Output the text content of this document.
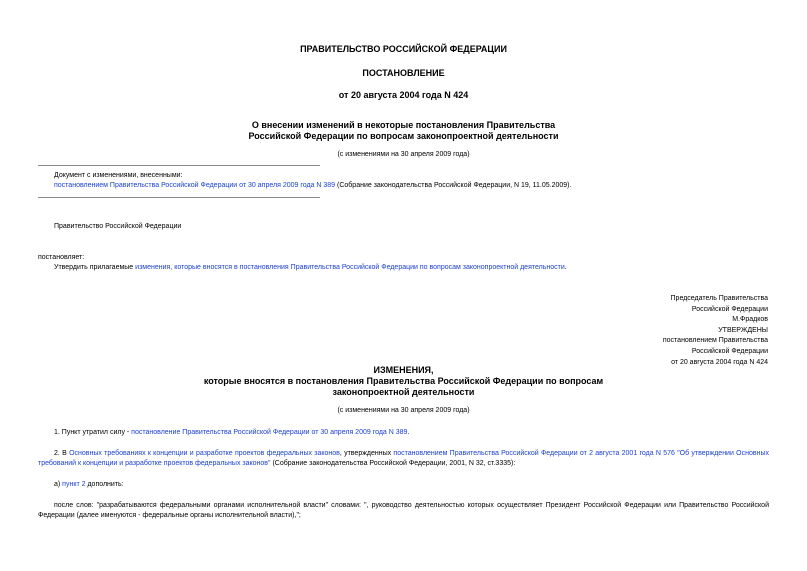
ПРАВИТЕЛЬСТВО РОССИЙСКОЙ ФЕДЕРАЦИИ
ПОСТАНОВЛЕНИЕ
от 20 августа 2004 года N 424
О внесении изменений в некоторые постановления Правительства
Российской Федерации по вопросам законопроектной деятельности
(с изменениями на 30 апреля 2009 года)
Документ с изменениями, внесенными:
постановлением Правительства Российской Федерации от 30 апреля 2009 года N 389 (Собрание законодательства Российской Федерации, N 19, 11.05.2009).
Правительство Российской Федерации
постановляет:
Утвердить прилагаемые изменения, которые вносятся в постановления Правительства Российской Федерации по вопросам законопроектной деятельности.
Председатель Правительства
Российской Федерации
М.Фрадков
УТВЕРЖДЕНЫ
постановлением Правительства
Российской Федерации
от 20 августа 2004 года N 424
ИЗМЕНЕНИЯ,
которые вносятся в постановления Правительства Российской Федерации по вопросам
законопроектной деятельности
(с изменениями на 30 апреля 2009 года)
1. Пункт утратил силу - постановление Правительства Российской Федерации от 30 апреля 2009 года N 389.
2. В Основных требованиях к концепции и разработке проектов федеральных законов, утвержденных постановлением Правительства Российской Федерации от 2 августа 2001 года N 576 "Об утверждении Основных требований к концепции и разработке проектов федеральных законов" (Собрание законодательства Российской Федерации, 2001, N 32, ст.3335):
а) пункт 2 дополнить:
после слов: "разрабатываются федеральными органами исполнительной власти" словами: ", руководство деятельностью которых осуществляет Президент Российской Федерации или Правительство Российской Федерации (далее именуются - федеральные органы исполнительной власти),";
